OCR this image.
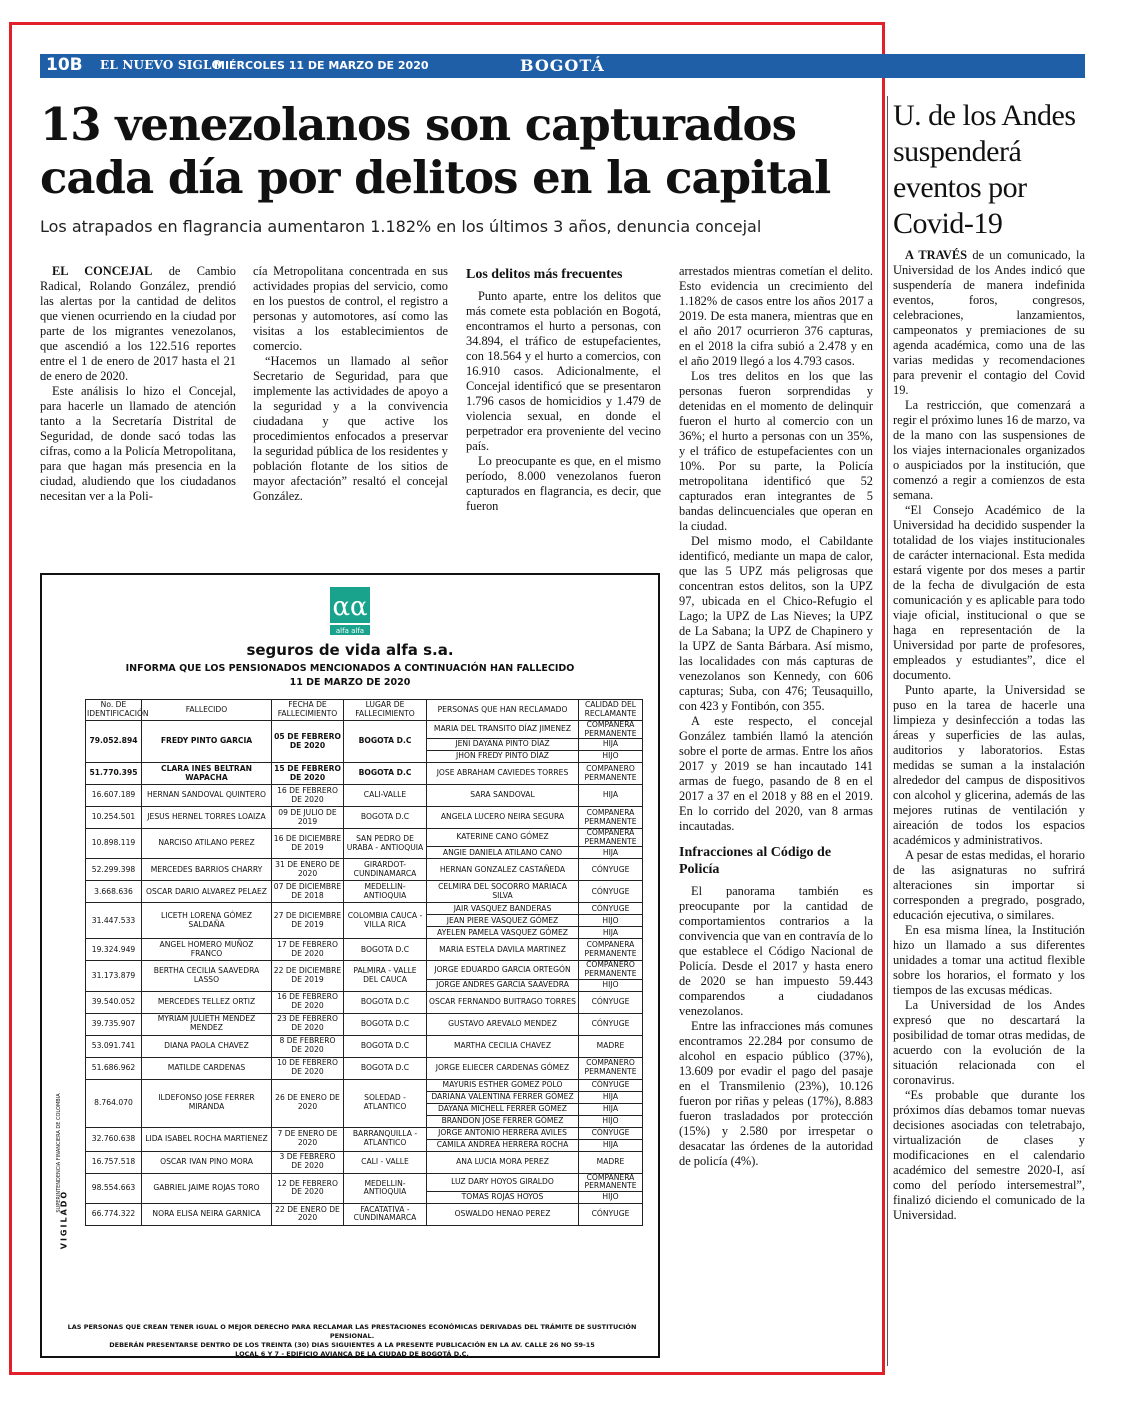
10B EL NUEVO SIGLO
MIÉRCOLES 11 DE MARZO DE 2020	BOGOTÁ
13 venezolanos son capturados cada día por delitos en la capital

Los atrapados en flagrancia aumentaron 1.182% en los últimos 3 años, denuncia concejal

EL CONCEJAL de Cambio Radical, Rolando González, prendió las alertas por la cantidad de delitos que vienen ocurriendo en la ciudad por parte de los migrantes venezolanos, que ascendió a los 122.516 reportes entre el 1 de enero de 2017 hasta el 21 de enero de 2020.

Este análisis lo hizo el Concejal, para hacerle un llamado de atención tanto a la Secretaría Distrital de Seguridad, de donde sacó todas las cifras, como a la Policía Metropolitana, para que hagan más presencia en la ciudad, aludiendo que los ciudadanos necesitan ver a la Poli-

cía Metropolitana concentrada en sus actividades propias del servicio, como en los puestos de control, el registro a personas y automotores, así como las visitas a los establecimientos de comercio.

“Hacemos un llamado al señor Secretario de Seguridad, para que implemente las actividades de apoyo a la seguridad y a la convivencia ciudadana y que active los procedimientos enfocados a preservar la seguridad pública de los residentes y población flotante de los sitios de mayor afectación” resaltó el concejal González.

Los delitos más frecuentes

Punto aparte, entre los delitos que más comete esta población en Bogotá, encontramos el hurto a personas, con 34.894, el tráfico de estupefacientes, con 18.564 y el hurto a comercios, con 16.910 casos. Adicionalmente, el Concejal identificó que se presentaron 1.796 casos de homicidios y 1.479 de violencia sexual, en donde el perpetrador era proveniente del vecino país.

Lo preocupante es que, en el mismo período, 8.000 venezolanos fueron capturados en flagrancia, es decir, que fueron

arrestados mientras cometían el delito. Esto evidencia un crecimiento del 1.182% de casos entre los años 2017 a 2019. De esta manera, mientras que en el año 2017 ocurrieron 376 capturas, en el 2018 la cifra subió a 2.478 y en el año 2019 llegó a los 4.793 casos.

Los tres delitos en los que las personas fueron sorprendidas y detenidas en el momento de delinquir fueron el hurto al comercio con un 36%; el hurto a personas con un 35%, y el tráfico de estupefacientes con un 10%. Por su parte, la Policía metropolitana identificó que 52 capturados eran integrantes de 5 bandas delincuenciales que operan en la ciudad.

Del mismo modo, el Cabildante identificó, mediante un mapa de calor, que las 5 UPZ más peligrosas que concentran estos delitos, son la UPZ 97, ubicada en el Chico-Refugio el Lago; la UPZ de Las Nieves; la UPZ de La Sabana; la UPZ de Chapinero y la UPZ de Santa Bárbara. Así mismo, las localidades con más capturas de venezolanos son Kennedy, con 606 capturas; Suba, con 476; Teusaquillo, con 423 y Fontibón, con 355.

A este respecto, el concejal González también llamó la atención sobre el porte de armas. Entre los años 2017 y 2019 se han incautado 141 armas de fuego, pasando de 8 en el 2017 a 37 en el 2018 y 88 en el 2019. En lo corrido del 2020, van 8 armas incautadas.

Infracciones al Código de Policía

El panorama también es preocupante por la cantidad de comportamientos contrarios a la convivencia que van en contravía de lo que establece el Código Nacional de Policía. Desde el 2017 y hasta enero de 2020 se han impuesto 59.443 comparendos a ciudadanos venezolanos.

Entre las infracciones más comunes encontramos 22.284 por consumo de alcohol en espacio público (37%), 13.609 por evadir el pago del pasaje en el Transmilenio (23%), 10.126 fueron por riñas y peleas (17%), 8.883 fueron trasladados por protección (15%) y 2.580 por irrespetar o desacatar las órdenes de la autoridad de policía (4%).

U. de los Andes suspenderá eventos por Covid-19

A TRAVÉS de un comunicado, la Universidad de los Andes indicó que suspendería de manera indefinida eventos, foros, congresos, celebraciones, lanzamientos, campeonatos y premiaciones de su agenda académica, como una de las varias medidas y recomendaciones para prevenir el contagio del Covid 19.

La restricción, que comenzará a regir el próximo lunes 16 de marzo, va de la mano con las suspensiones de los viajes internacionales organizados o auspiciados por la institución, que comenzó a regir a comienzos de esta semana.

“El Consejo Académico de la Universidad ha decidido suspender la totalidad de los viajes institucionales de carácter internacional. Esta medida estará vigente por dos meses a partir de la fecha de divulgación de esta comunicación y es aplicable para todo viaje oficial, institucional o que se haga en representación de la Universidad por parte de profesores, empleados y estudiantes”, dice el documento.

Punto aparte, la Universidad se puso en la tarea de hacerle una limpieza y desinfección a todas las áreas y superficies de las aulas, auditorios y laboratorios. Estas medidas se suman a la instalación alrededor del campus de dispositivos con alcohol y glicerina, además de las mejores rutinas de ventilación y aireación de todos los espacios académicos y administrativos.

A pesar de estas medidas, el horario de las asignaturas no sufrirá alteraciones sin importar si corresponden a pregrado, posgrado, educación ejecutiva, o similares.

En esa misma línea, la Institución hizo un llamado a sus diferentes unidades a tomar una actitud flexible sobre los horarios, el formato y los tiempos de las excusas médicas.

La Universidad de los Andes expresó que no descartará la posibilidad de tomar otras medidas, de acuerdo con la evolución de la situación relacionada con el coronavirus.

“Es probable que durante los próximos días debamos tomar nuevas decisiones asociadas con teletrabajo, virtualización de clases y modificaciones en el calendario académico del semestre 2020-I, así como del período intersemestral”, finalizó diciendo el comunicado de la Universidad.

αα
alfa alfa
seguros de vida alfa s.a.
INFORMA QUE LOS PENSIONADOS MENCIONADOS A CONTINUACIÓN HAN FALLECIDO
11 DE MARZO DE 2020
No. DE IDENTIFICACIÓN	FALLECIDO	FECHA DE FALLECIMIENTO	LUGAR DE FALLECIMIENTO	PERSONAS QUE HAN RECLAMADO	CALIDAD DEL RECLAMANTE
79.052.894	FREDY PINTO GARCIA	05 DE FEBRERO DE 2020	BOGOTA D.C	MARIA DEL TRANSITO DÍAZ JIMENEZ	COMPANERA PERMANENTE
				JENI DAYANA PINTO DÍAZ	HIJA
				JHON FREDY PINTO DÍAZ	HIJO
51.770.395	CLARA INES BELTRAN WAPACHA	15 DE FEBRERO DE 2020	BOGOTA D.C	JOSE ABRAHAM CAVIEDES TORRES	COMPANERO PERMANENTE
16.607.189	HERNAN SANDOVAL QUINTERO	16 DE FEBRERO DE 2020	CALI-VALLE	SARA SANDOVAL	HIJA
10.254.501	JESUS HERNEL TORRES LOAIZA	09 DE JULIO DE 2019	BOGOTA D.C	ANGELA LUCERO NEIRA SEGURA	COMPANERA PERMANENTE
10.898.119	NARCISO ATILANO PEREZ	16 DE DICIEMBRE DE 2019	SAN PEDRO DE URABA - ANTIOQUIA	KATERINE CANO GÓMEZ	COMPANERA PERMANENTE
				ANGIE DANIELA ATILANO CANO	HIJA
52.299.398	MERCEDES BARRIOS CHARRY	31 DE ENERO DE 2020	GIRARDOT-CUNDINAMARCA	HERNAN GONZALEZ CASTAÑEDA	CÓNYUGE
3.668.636	OSCAR DARIO ALVAREZ PELAEZ	07 DE DICIEMBRE DE 2018	MEDELLIN-ANTIOQUIA	CELMIRA DEL SOCORRO MARIACA SILVA	CÓNYUGE
31.447.533	LICETH LORENA GÓMEZ SALDAÑA	27 DE DICIEMBRE DE 2019	COLOMBIA CAUCA - VILLA RICA	JAIR VASQUEZ BANDERAS	CÓNYUGE
				JEAN PIERE VASQUEZ GÓMEZ	HIJO
				AYELEN PAMELA VASQUEZ GÓMEZ	HIJA
19.324.949	ANGEL HOMERO MUÑOZ FRANCO	17 DE FEBRERO DE 2020	BOGOTA D.C	MARIA ESTELA DAVILA MARTINEZ	COMPANERA PERMANENTE
31.173.879	BERTHA CECILIA SAAVEDRA LASSO	22 DE DICIEMBRE DE 2019	PALMIRA - VALLE DEL CAUCA	JORGE EDUARDO GARCIA ORTEGÓN	COMPANERO PERMANENTE
				JORGE ANDRES GARCIA SAAVEDRA	HIJO
39.540.052	MERCEDES TELLEZ ORTIZ	16 DE FEBRERO DE 2020	BOGOTA D.C	OSCAR FERNANDO BUITRAGO TORRES	CÓNYUGE
39.735.907	MYRIAM JULIETH MENDEZ MENDEZ	23 DE FEBRERO DE 2020	BOGOTA D.C	GUSTAVO AREVALO MENDEZ	CÓNYUGE
53.091.741	DIANA PAOLA CHAVEZ	8 DE FEBRERO DE 2020	BOGOTA D.C	MARTHA CECILIA CHAVEZ	MADRE
51.686.962	MATILDE CARDENAS	10 DE FEBRERO DE 2020	BOGOTA D.C	JORGE ELIECER CARDENAS GÓMEZ	COMPANERO PERMANENTE
8.764.070	ILDEFONSO JOSE FERRER MIRANDA	26 DE ENERO DE 2020	SOLEDAD - ATLANTICO	MAYURIS ESTHER GOMEZ POLO	CÓNYUGE
				DARIANA VALENTINA FERRER GÓMEZ	HIJA
				DAYANA MICHELL FERRER GÓMEZ	HIJA
				BRANDON JOSE FERRER GÓMEZ	HIJO
32.760.638	LIDA ISABEL ROCHA MARTIENEZ	7 DE ENERO DE 2020	BARRANQUILLA - ATLANTICO	JORGE ANTONIO HERRERA AVILES	CÓNYUGE
				CAMILA ANDREA HERRERA ROCHA	HIJA
16.757.518	OSCAR IVAN PINO MORA	3 DE FEBRERO DE 2020	CALI - VALLE	ANA LUCIA MORA PEREZ	MADRE
98.554.663	GABRIEL JAIME ROJAS TORO	12 DE FEBRERO DE 2020	MEDELLIN-ANTIOQUIA	LUZ DARY HOYOS GIRALDO	COMPANERA PERMANENTE
				TOMAS ROJAS HOYOS	HIJO
66.774.322	NORA ELISA NEIRA GARNICA	22 DE ENERO DE 2020	FACATATIVA - CUNDINAMARCA	OSWALDO HENAO PEREZ	CÓNYUGE
SUPERINTENDENCIA FINANCIERA DE COLOMBIA
VIGILADO
LAS PERSONAS QUE CREAN TENER IGUAL O MEJOR DERECHO PARA RECLAMAR LAS PRESTACIONES ECONÓMICAS DERIVADAS DEL TRÁMITE DE SUSTITUCIÓN PENSIONAL.
DEBERÁN PRESENTARSE DENTRO DE LOS TREINTA (30) DIAS SIGUIENTES A LA PRESENTE PUBLICACIÓN EN LA AV. CALLE 26 NO 59-15
LOCAL 6 Y 7 - EDIFICIO AVIANCA DE LA CIUDAD DE BOGOTÁ D.C.
